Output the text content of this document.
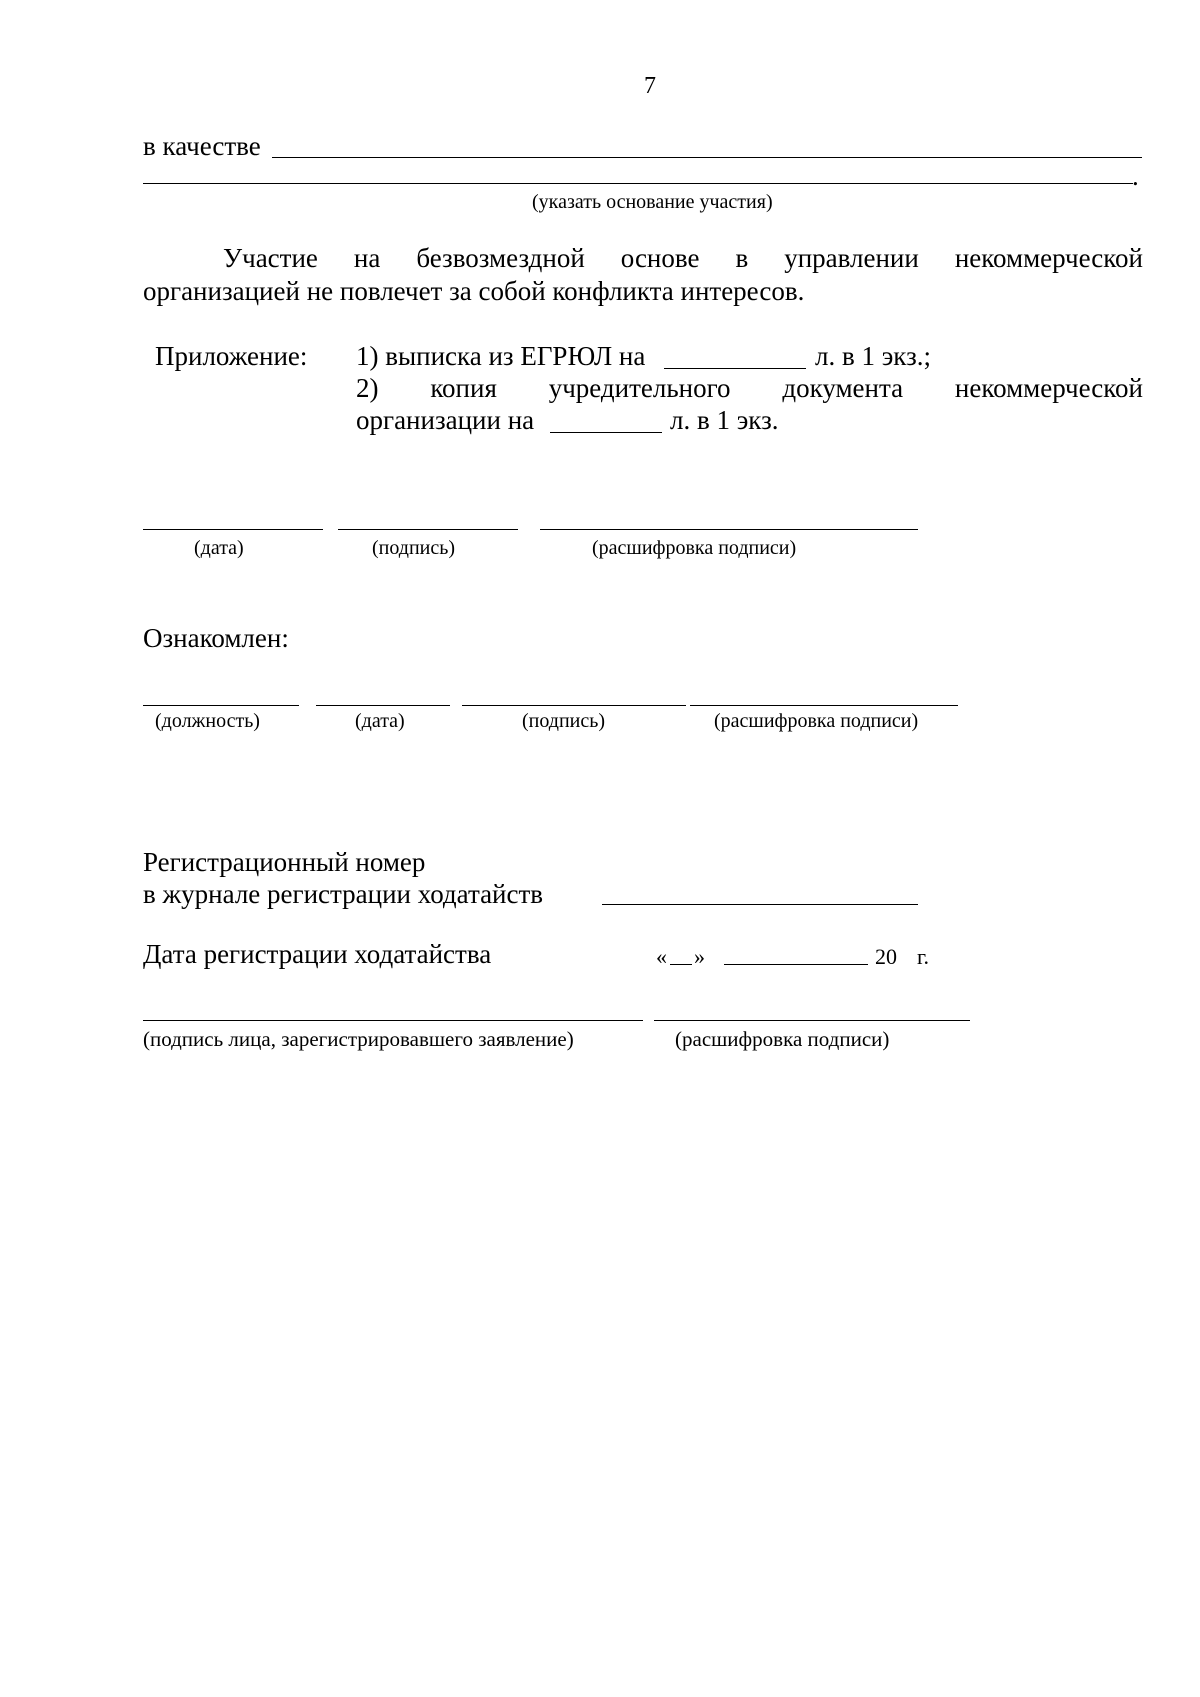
7
в качестве
.
(указать основание участия)
Участие на безвозмездной основе в управлении некоммерческой
организацией не повлечет за собой конфликта интересов.
Приложение: 1) выписка из ЕГРЮЛ на	л. в 1 экз.;
2) копия учредительного документа некоммерческой
организации на	л. в 1 экз.
(дата)	(подпись)	(расшифровка подписи)
Ознакомлен:
(должность)	(дата)	(подпись)	(расшифровка подписи)
Регистрационный номер
в журнале регистрации ходатайств
Дата регистрации ходатайства	« »	20 г.
(подпись лица, зарегистрировавшего заявление)	(расшифровка подписи)
